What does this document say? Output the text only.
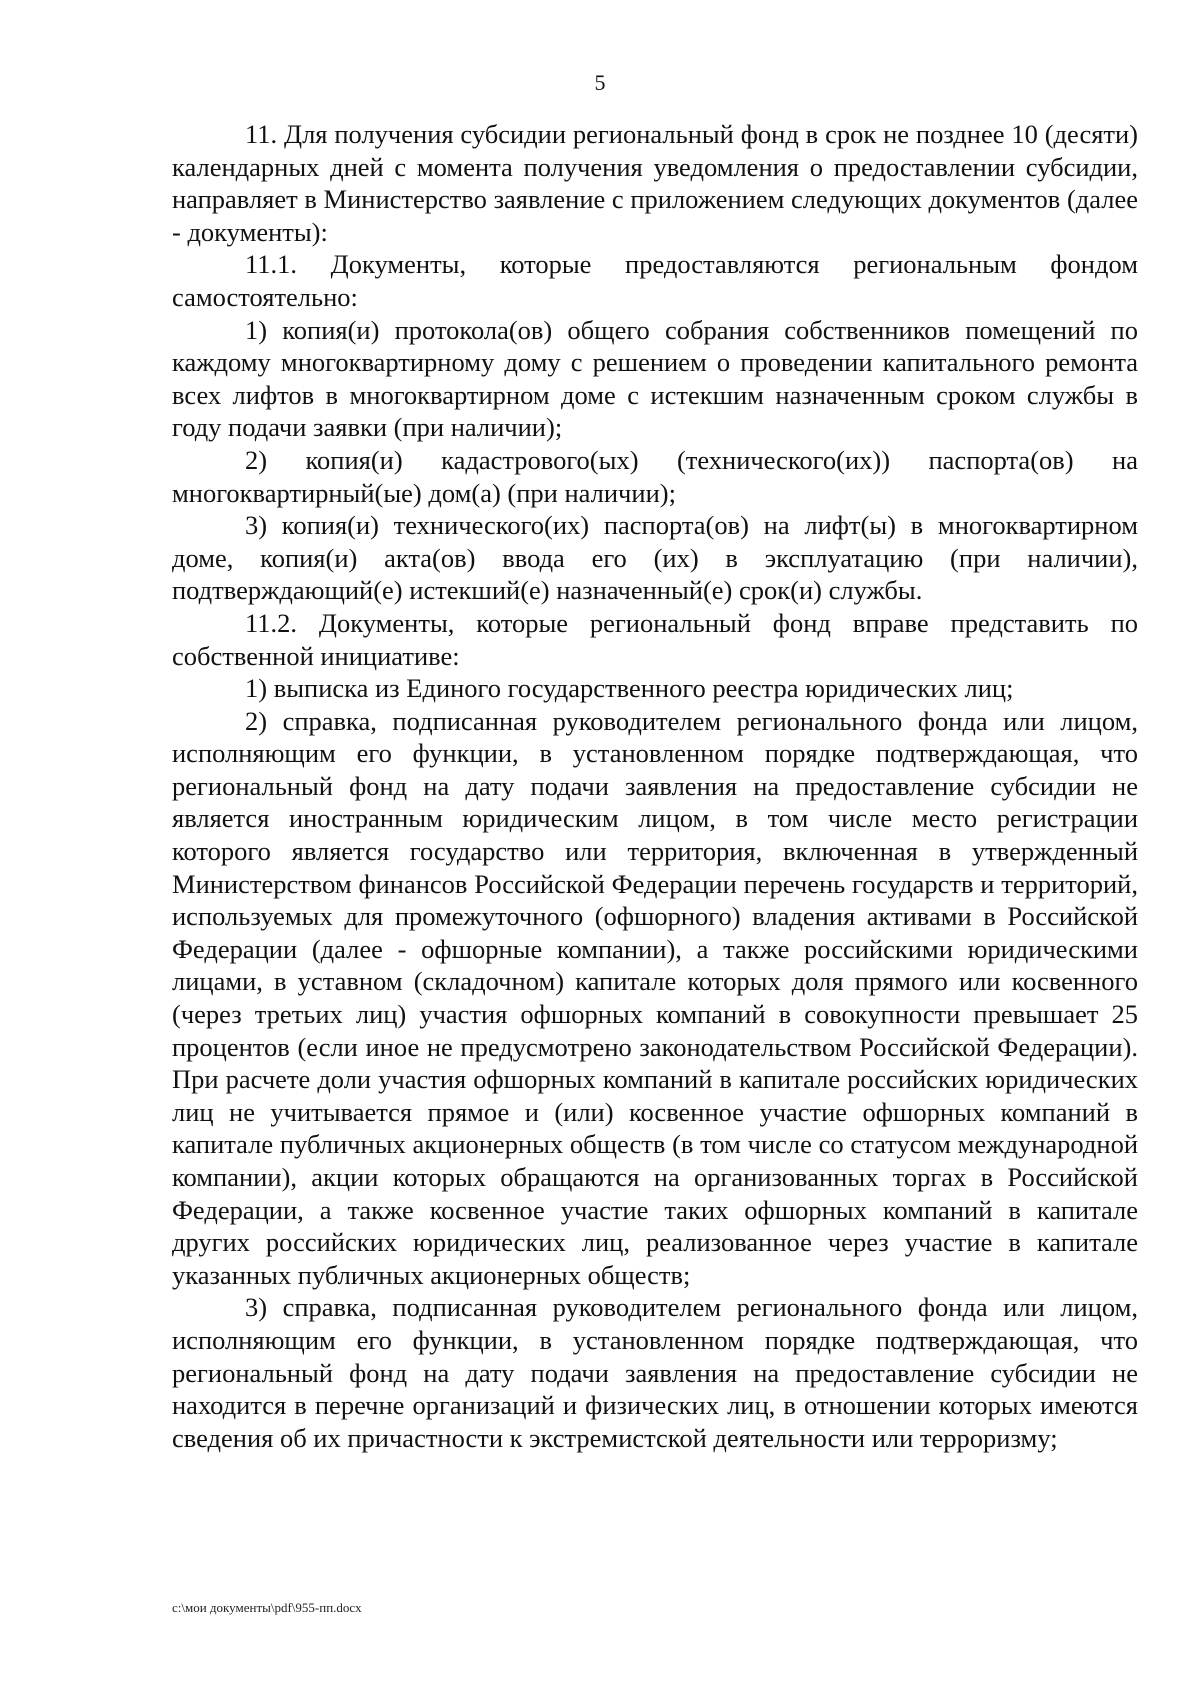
5

11. Для получения субсидии региональный фонд в срок не позднее 10 (десяти) календарных дней с момента получения уведомления о предоставлении субсидии, направляет в Министерство заявление с приложением следующих документов (далее - документы):

11.1. Документы, которые предоставляются региональным фондом самостоятельно:

1) копия(и) протокола(ов) общего собрания собственников помещений по каждому многоквартирному дому с решением о проведении капитального ремонта всех лифтов в многоквартирном доме с истекшим назначенным сроком службы в году подачи заявки (при наличии);

2) копия(и) кадастрового(ых) (технического(их)) паспорта(ов) на многоквартирный(ые) дом(а) (при наличии);

3) копия(и) технического(их) паспорта(ов) на лифт(ы) в многоквартирном доме, копия(и) акта(ов) ввода его (их) в эксплуатацию (при наличии), подтверждающий(е) истекший(е) назначенный(е) срок(и) службы.

11.2. Документы, которые региональный фонд вправе представить по собственной инициативе:

1) выписка из Единого государственного реестра юридических лиц;

2) справка, подписанная руководителем регионального фонда или лицом, исполняющим его функции, в установленном порядке подтверждающая, что региональный фонд на дату подачи заявления на предоставление субсидии не является иностранным юридическим лицом, в том числе место регистрации которого является государство или территория, включенная в утвержденный Министерством финансов Российской Федерации перечень государств и территорий, используемых для промежуточного (офшорного) владения активами в Российской Федерации (далее - офшорные компании), а также российскими юридическими лицами, в уставном (складочном) капитале которых доля прямого или косвенного (через третьих лиц) участия офшорных компаний в совокупности превышает 25 процентов (если иное не предусмотрено законодательством Российской Федерации). При расчете доли участия офшорных компаний в капитале российских юридических лиц не учитывается прямое и (или) косвенное участие офшорных компаний в капитале публичных акционерных обществ (в том числе со статусом международной компании), акции которых обращаются на организованных торгах в Российской Федерации, а также косвенное участие таких офшорных компаний в капитале других российских юридических лиц, реализованное через участие в капитале указанных публичных акционерных обществ;

3) справка, подписанная руководителем регионального фонда или лицом, исполняющим его функции, в установленном порядке подтверждающая, что региональный фонд на дату подачи заявления на предоставление субсидии не находится в перечне организаций и физических лиц, в отношении которых имеются сведения об их причастности к экстремистской деятельности или терроризму;

c:\мои документы\pdf\955-пп.docx
